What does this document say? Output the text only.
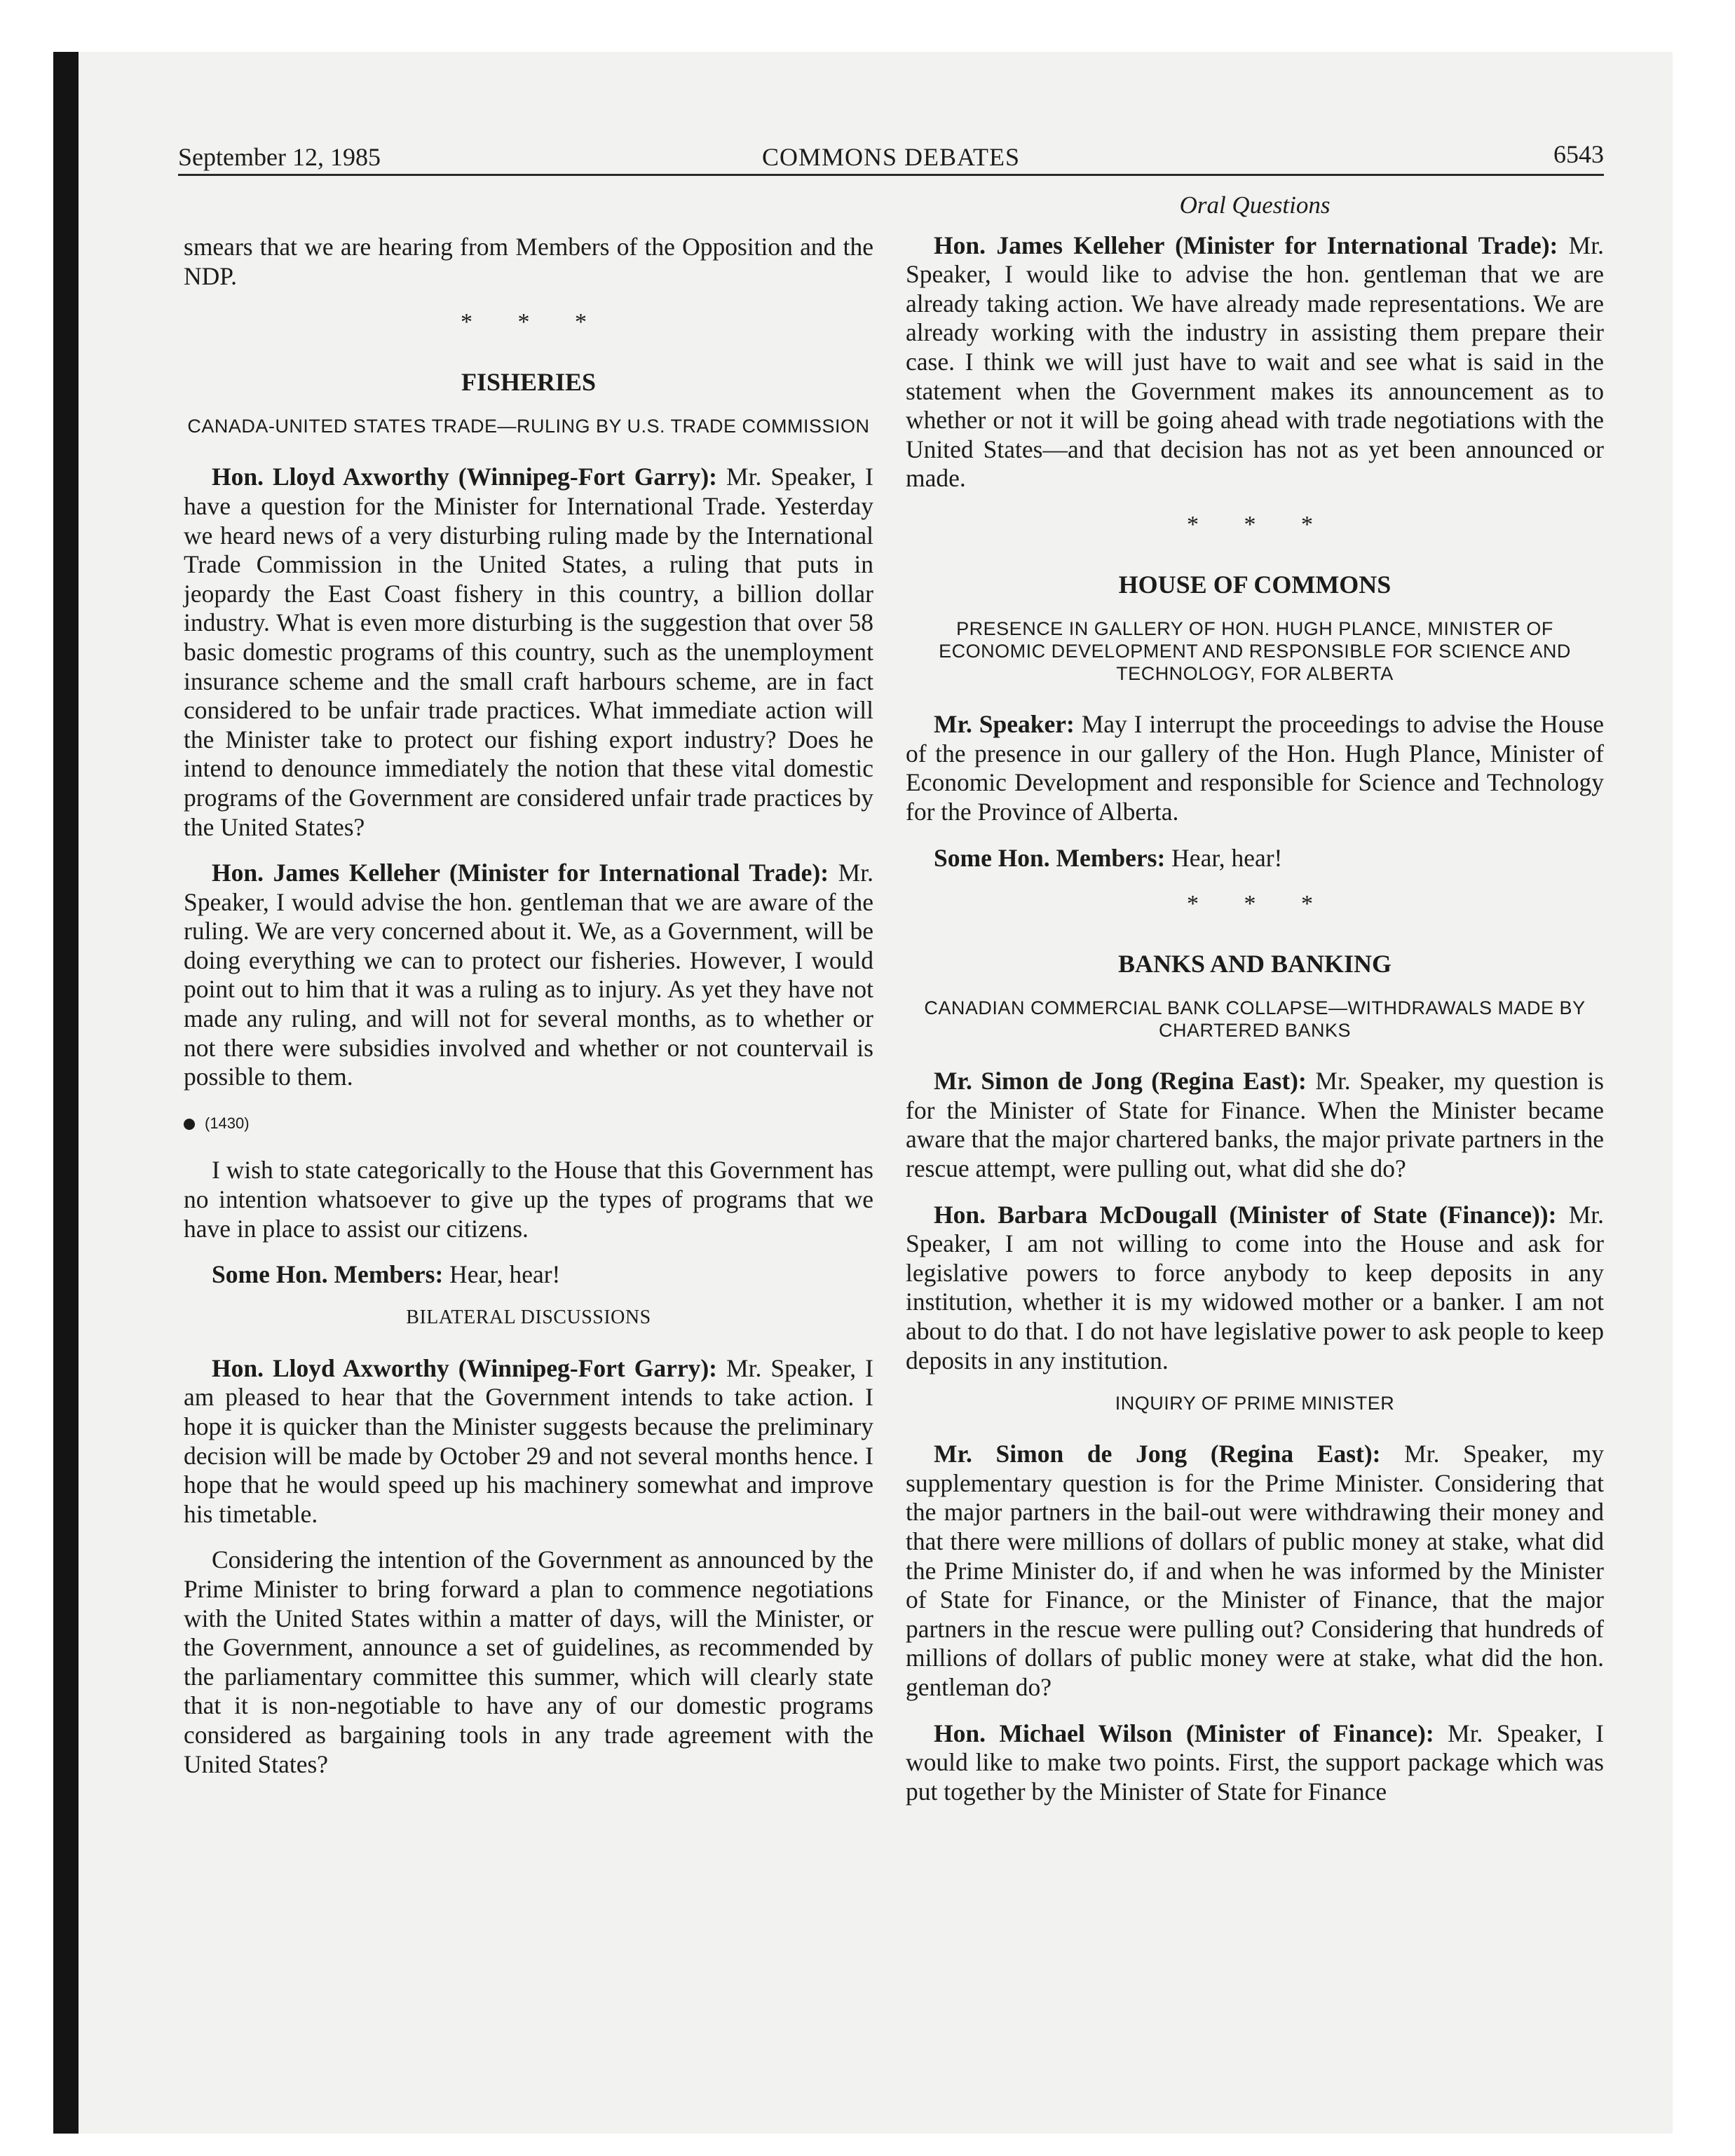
September 12, 1985	COMMONS DEBATES	6543

smears that we are hearing from Members of the Opposition and the NDP.

* * *
FISHERIES
CANADA-UNITED STATES TRADE—RULING BY U.S. TRADE COMMISSION

Hon. Lloyd Axworthy (Winnipeg-Fort Garry): Mr. Speaker, I have a question for the Minister for International Trade. Yesterday we heard news of a very disturbing ruling made by the International Trade Commission in the United States, a ruling that puts in jeopardy the East Coast fishery in this country, a billion dollar industry. What is even more disturbing is the suggestion that over 58 basic domestic programs of this country, such as the unemployment insurance scheme and the small craft harbours scheme, are in fact considered to be unfair trade practices. What immediate action will the Minister take to protect our fishing export industry? Does he intend to denounce immediately the notion that these vital domestic programs of the Government are considered unfair trade practices by the United States?

Hon. James Kelleher (Minister for International Trade): Mr. Speaker, I would advise the hon. gentleman that we are aware of the ruling. We are very concerned about it. We, as a Government, will be doing everything we can to protect our fisheries. However, I would point out to him that it was a ruling as to injury. As yet they have not made any ruling, and will not for several months, as to whether or not there were subsidies involved and whether or not countervail is possible to them.

(1430)

I wish to state categorically to the House that this Government has no intention whatsoever to give up the types of programs that we have in place to assist our citizens.

Some Hon. Members: Hear, hear!

BILATERAL DISCUSSIONS

Hon. Lloyd Axworthy (Winnipeg-Fort Garry): Mr. Speaker, I am pleased to hear that the Government intends to take action. I hope it is quicker than the Minister suggests because the preliminary decision will be made by October 29 and not several months hence. I hope that he would speed up his machinery somewhat and improve his timetable.

Considering the intention of the Government as announced by the Prime Minister to bring forward a plan to commence negotiations with the United States within a matter of days, will the Minister, or the Government, announce a set of guidelines, as recommended by the parliamentary committee this summer, which will clearly state that it is non-negotiable to have any of our domestic programs considered as bargaining tools in any trade agreement with the United States?

Oral Questions

Hon. James Kelleher (Minister for International Trade): Mr. Speaker, I would like to advise the hon. gentleman that we are already taking action. We have already made representations. We are already working with the industry in assisting them prepare their case. I think we will just have to wait and see what is said in the statement when the Government makes its announcement as to whether or not it will be going ahead with trade negotiations with the United States—and that decision has not as yet been announced or made.

* * *
HOUSE OF COMMONS
PRESENCE IN GALLERY OF HON. HUGH PLANCE, MINISTER OF ECONOMIC DEVELOPMENT AND RESPONSIBLE FOR SCIENCE AND TECHNOLOGY, FOR ALBERTA

Mr. Speaker: May I interrupt the proceedings to advise the House of the presence in our gallery of the Hon. Hugh Plance, Minister of Economic Development and responsible for Science and Technology for the Province of Alberta.

Some Hon. Members: Hear, hear!

* * *
BANKS AND BANKING
CANADIAN COMMERCIAL BANK COLLAPSE—WITHDRAWALS MADE BY CHARTERED BANKS

Mr. Simon de Jong (Regina East): Mr. Speaker, my question is for the Minister of State for Finance. When the Minister became aware that the major chartered banks, the major private partners in the rescue attempt, were pulling out, what did she do?

Hon. Barbara McDougall (Minister of State (Finance)): Mr. Speaker, I am not willing to come into the House and ask for legislative powers to force anybody to keep deposits in any institution, whether it is my widowed mother or a banker. I am not about to do that. I do not have legislative power to ask people to keep deposits in any institution.

INQUIRY OF PRIME MINISTER

Mr. Simon de Jong (Regina East): Mr. Speaker, my supplementary question is for the Prime Minister. Considering that the major partners in the bail-out were withdrawing their money and that there were millions of dollars of public money at stake, what did the Prime Minister do, if and when he was informed by the Minister of State for Finance, or the Minister of Finance, that the major partners in the rescue were pulling out? Considering that hundreds of millions of dollars of public money were at stake, what did the hon. gentleman do?

Hon. Michael Wilson (Minister of Finance): Mr. Speaker, I would like to make two points. First, the support package which was put together by the Minister of State for Finance
